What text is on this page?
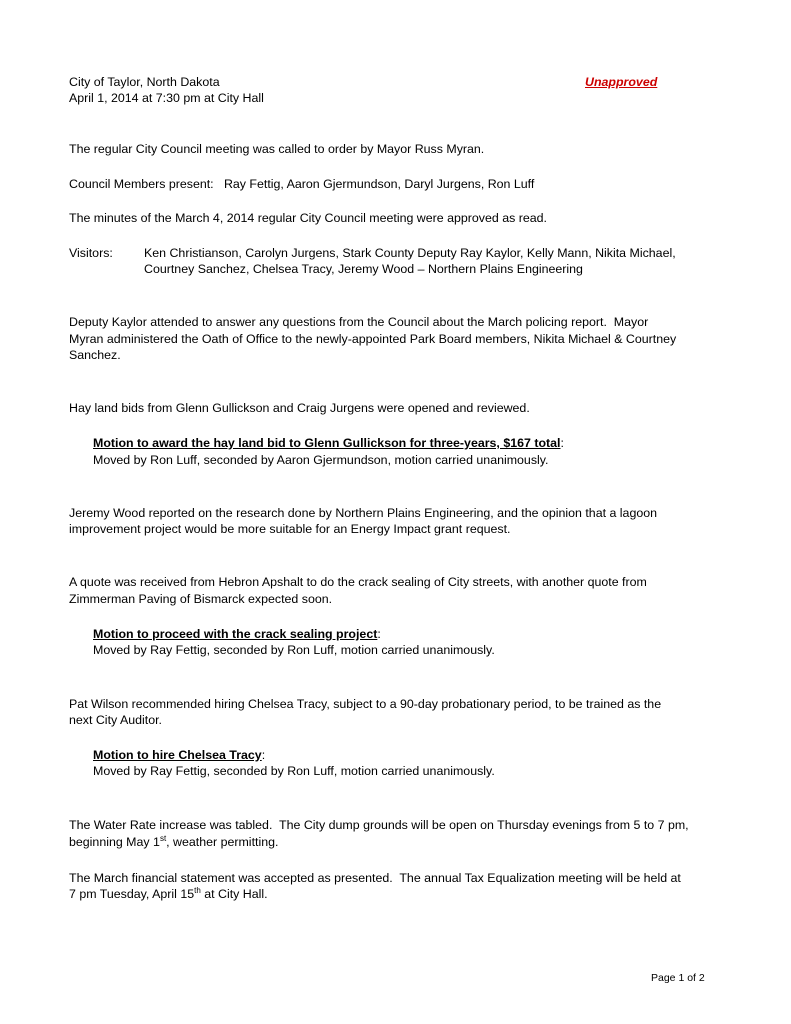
City of Taylor, North Dakota
April 1, 2014 at 7:30 pm at City Hall
Unapproved
The regular City Council meeting was called to order by Mayor Russ Myran.
Council Members present:   Ray Fettig, Aaron Gjermundson, Daryl Jurgens, Ron Luff
The minutes of the March 4, 2014 regular City Council meeting were approved as read.
Visitors:	Ken Christianson, Carolyn Jurgens, Stark County Deputy Ray Kaylor, Kelly Mann, Nikita Michael,
Courtney Sanchez, Chelsea Tracy, Jeremy Wood – Northern Plains Engineering
Deputy Kaylor attended to answer any questions from the Council about the March policing report.  Mayor
Myran administered the Oath of Office to the newly-appointed Park Board members, Nikita Michael & Courtney
Sanchez.
Hay land bids from Glenn Gullickson and Craig Jurgens were opened and reviewed.
Motion to award the hay land bid to Glenn Gullickson for three-years, $167 total:
Moved by Ron Luff, seconded by Aaron Gjermundson, motion carried unanimously.
Jeremy Wood reported on the research done by Northern Plains Engineering, and the opinion that a lagoon
improvement project would be more suitable for an Energy Impact grant request.
A quote was received from Hebron Apshalt to do the crack sealing of City streets, with another quote from
Zimmerman Paving of Bismarck expected soon.
Motion to proceed with the crack sealing project:
Moved by Ray Fettig, seconded by Ron Luff, motion carried unanimously.
Pat Wilson recommended hiring Chelsea Tracy, subject to a 90-day probationary period, to be trained as the
next City Auditor.
Motion to hire Chelsea Tracy:
Moved by Ray Fettig, seconded by Ron Luff, motion carried unanimously.
The Water Rate increase was tabled.  The City dump grounds will be open on Thursday evenings from 5 to 7 pm,
beginning May 1st, weather permitting.
The March financial statement was accepted as presented.  The annual Tax Equalization meeting will be held at
7 pm Tuesday, April 15th at City Hall.
Page 1 of 2
